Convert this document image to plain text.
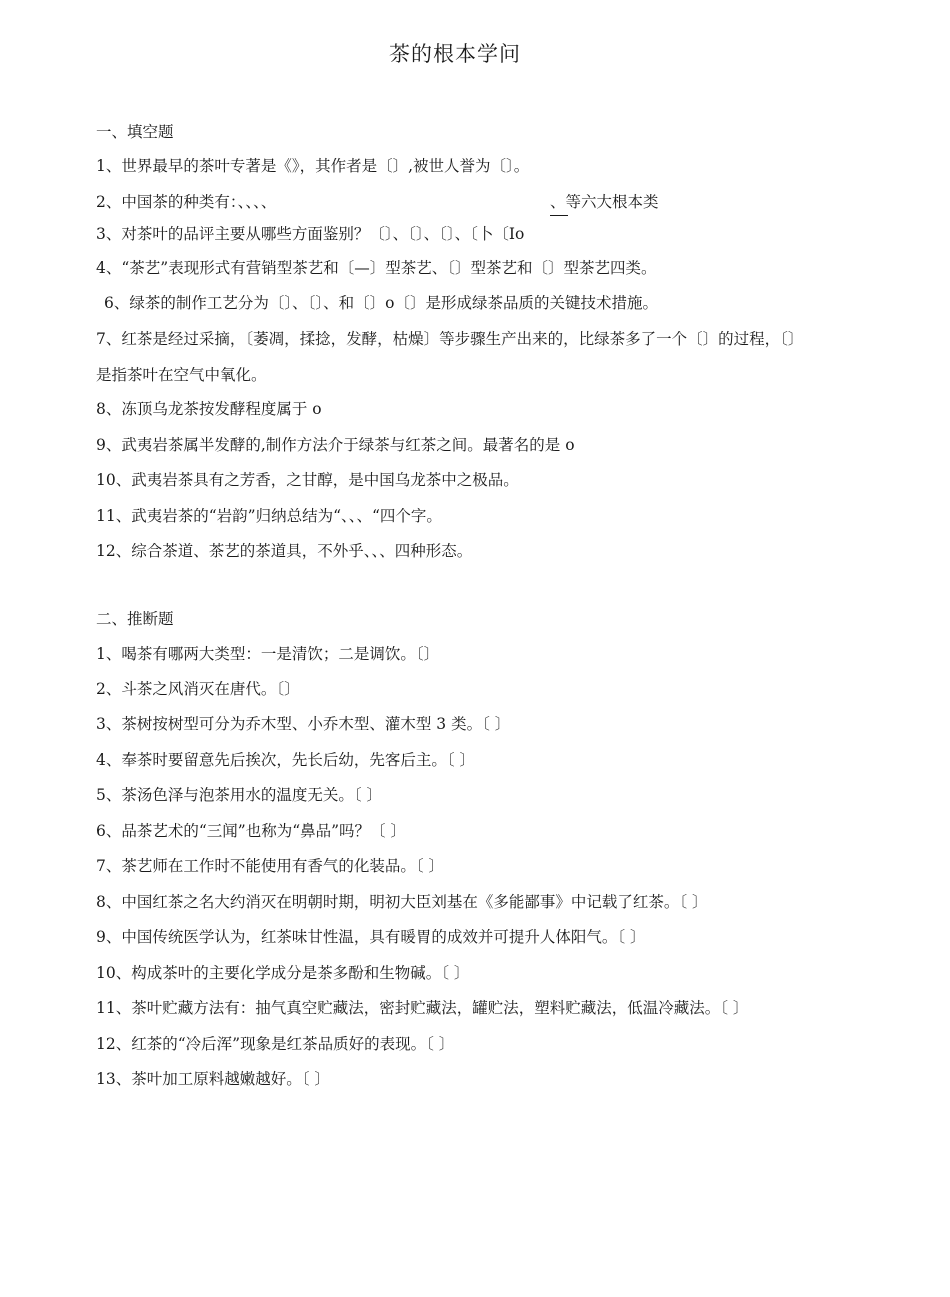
茶的根本学问
一、填空题
1、世界最早的茶叶专著是《》，其作者是〔〕,被世人誉为〔〕。
2、中国茶的种类有：、、、、	、等六大根本类
3、对茶叶的品评主要从哪些方面鉴别？〔〕、〔〕、〔〕、〔卜〔Io
4、“茶艺”表现形式有营销型茶艺和〔—〕型茶艺、〔〕型茶艺和〔〕型茶艺四类。
6、绿茶的制作工艺分为〔〕、〔〕、和〔〕o〔〕是形成绿茶品质的关键技术措施。
7、红茶是经过采摘，〔萎凋，揉捻，发酵，枯燥〕等步骤生产出来的，比绿茶多了一个〔〕的过程，〔〕
是指茶叶在空气中氧化。
8、冻顶乌龙茶按发酵程度属于 o
9、武夷岩茶属半发酵的,制作方法介于绿茶与红茶之间。最著名的是 o
10、武夷岩茶具有之芳香，之甘醇，是中国乌龙茶中之极品。
11、武夷岩茶的“岩韵”归纳总结为“、、、“四个字。
12、综合茶道、茶艺的茶道具，不外乎、、、四种形态。
二、推断题
1、喝茶有哪两大类型：一是清饮；二是调饮。〔〕
2、斗茶之风消灭在唐代。〔〕
3、茶树按树型可分为乔木型、小乔木型、灌木型 3 类。〔 〕
4、奉茶时要留意先后挨次，先长后幼，先客后主。〔 〕
5、茶汤色泽与泡茶用水的温度无关。〔 〕
6、品茶艺术的“三闻”也称为“鼻品”吗？〔 〕
7、茶艺师在工作时不能使用有香气的化装品。〔 〕
8、中国红茶之名大约消灭在明朝时期，明初大臣刘基在《多能鄙事》中记载了红茶。〔 〕
9、中国传统医学认为，红茶味甘性温，具有暖胃的成效并可提升人体阳气。〔 〕
10、构成茶叶的主要化学成分是茶多酚和生物碱。〔 〕
11、茶叶贮藏方法有：抽气真空贮藏法，密封贮藏法，罐贮法，塑料贮藏法，低温冷藏法。〔 〕
12、红茶的“冷后浑”现象是红茶品质好的表现。〔 〕
13、茶叶加工原料越嫩越好。〔 〕
